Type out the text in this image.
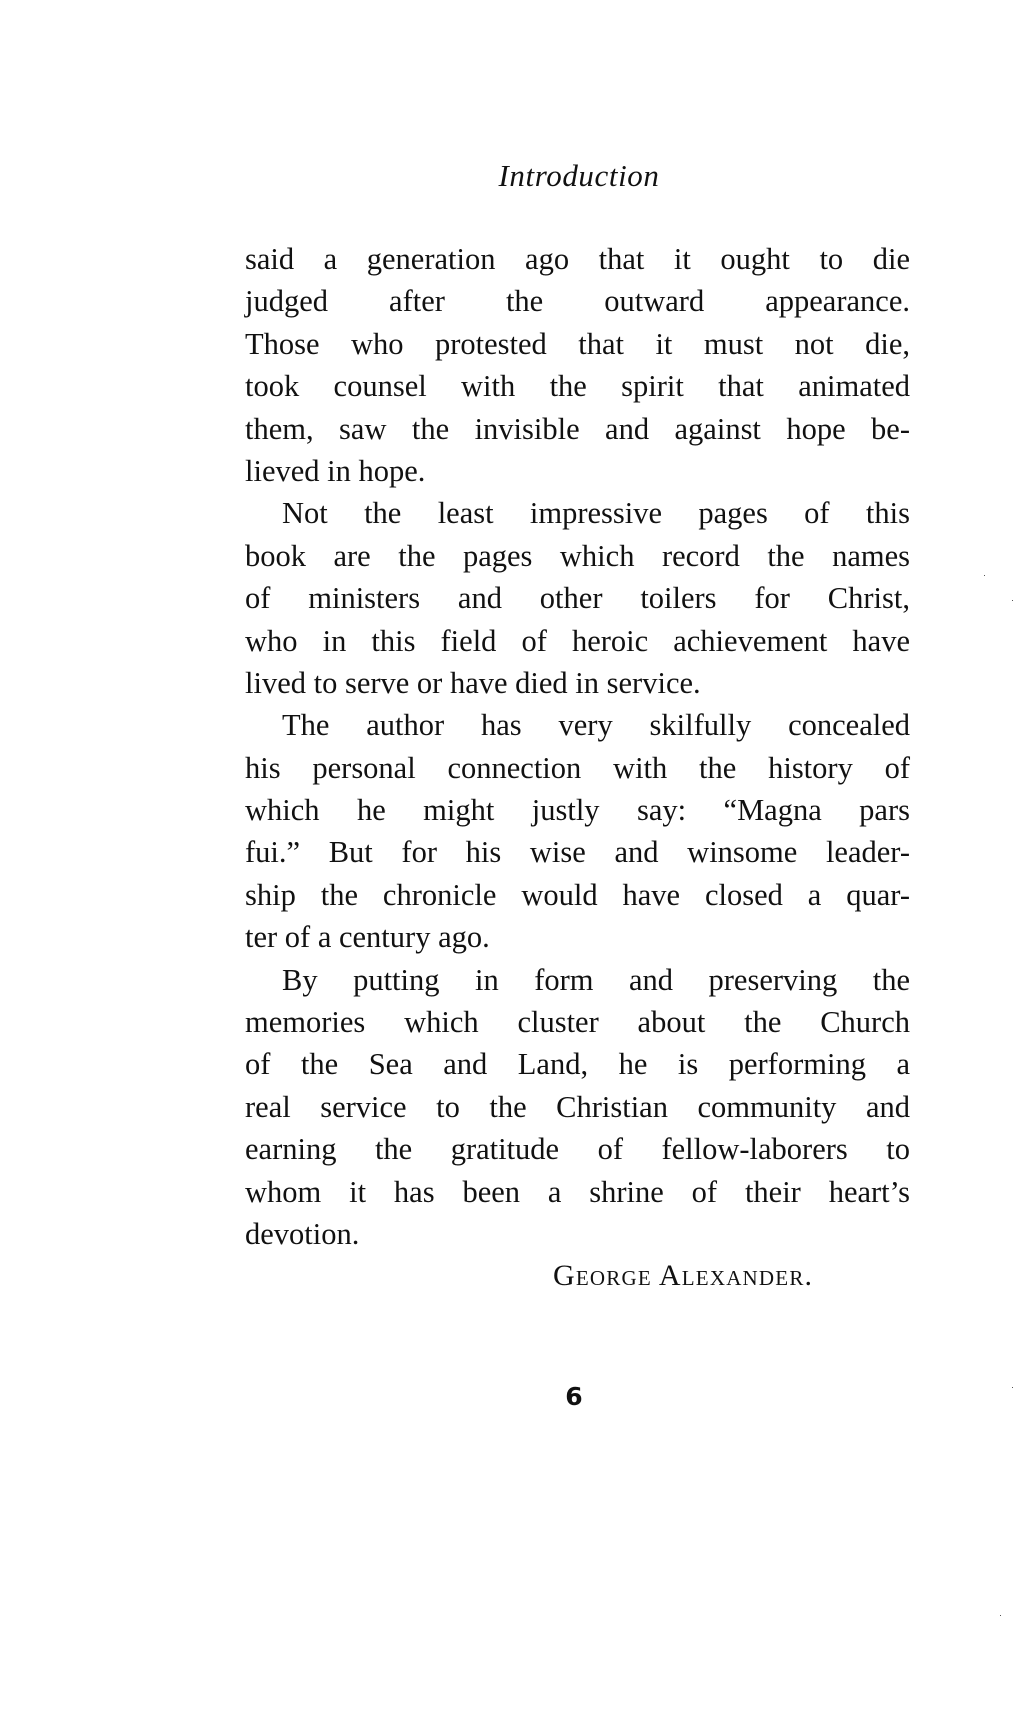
Introduction

said a generation ago that it ought to die
judged after the outward appearance.
Those who protested that it must not die,
took counsel with the spirit that animated
them, saw the invisible and against hope be-
lieved in hope.

Not the least impressive pages of this
book are the pages which record the names
of ministers and other toilers for Christ,
who in this field of heroic achievement have
lived to serve or have died in service.

The author has very skilfully concealed
his personal connection with the history of
which he might justly say: “Magna pars
fui.” But for his wise and winsome leader-
ship the chronicle would have closed a quar-
ter of a century ago.

By putting in form and preserving the
memories which cluster about the Church
of the Sea and Land, he is performing a
real service to the Christian community and
earning the gratitude of fellow-laborers to
whom it has been a shrine of their heart’s
devotion.

George Alexander.
6
